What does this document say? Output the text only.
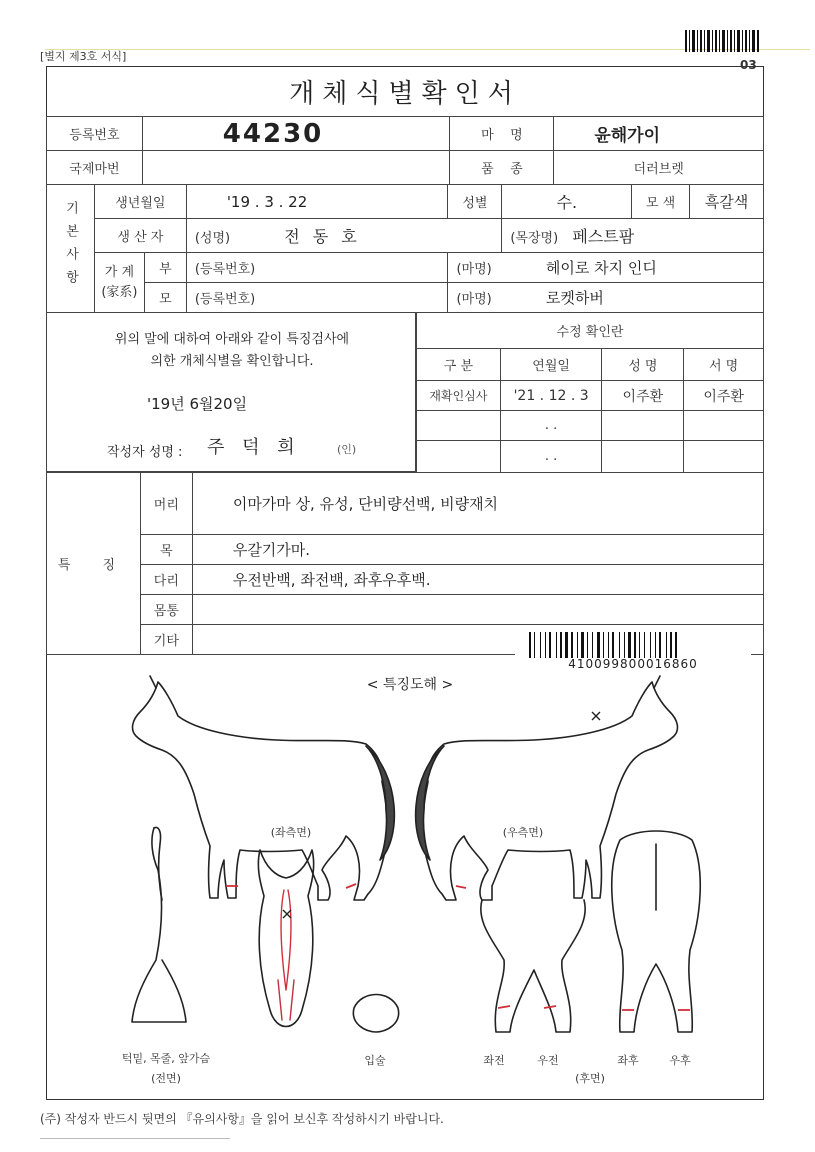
[별지 제3호 서식]
03
개체식별확인서
등록번호	44230	마    명	윤해가이
국제마번		품    종	더러브렛
기본사항	생년월일		'19 . 3 . 22	성별	수.	모 색	흑갈색
	생 산 자		(성명) 전 동 호		(목장명) 페스트팜		

	가 계
(家系)	부	(등록번호)	(마명) 헤이로 차지 인디			
		모	(등록번호)	(마명) 로켓하버			
위의 말에 대하여 아래와 같이 특징검사에
의한 개체식별을 확인합니다.
'19년 6월20일
작성자 성명 : 주 덕 희	(인)
수정 확인란			
구 분	연월일	성 명	서 명
재확인심사	'21 . 12 . 3	이주환	이주환
	. .		
	. .		
특 징	머리	이마가마 상, 유성, 단비량선백, 비량재치
	목	우갈기가마.
	다리	우전반백, 좌전백, 좌후우후백.
	몸통	
	기타	
410099800016860
< 특징도해 >
(좌측면)	(우측면)
턱밑, 목줄, 앞가슴
(전면)
입술	좌전	우전	좌후	우후
(후면)
(주) 작성자 반드시 뒷면의 『유의사항』을 읽어 보신후 작성하시기 바랍니다.
